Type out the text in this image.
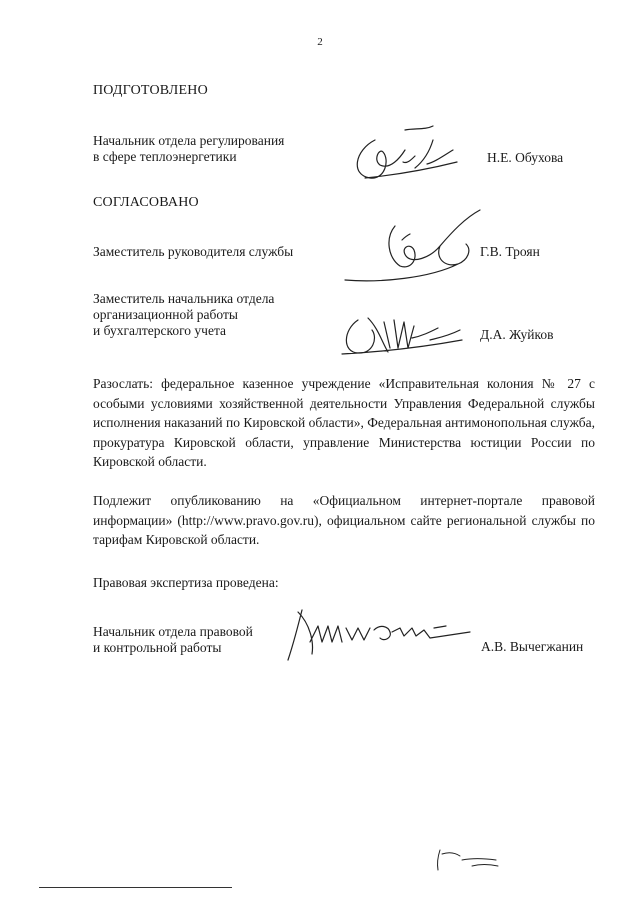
2
ПОДГОТОВЛЕНО
Начальник отдела регулирования
в сфере теплоэнергетики	Н.Е. Обухова
СОГЛАСОВАНО
Заместитель руководителя службы	Г.В. Троян
Заместитель начальника отдела
организационной работы
и бухгалтерского учета	Д.А. Жуйков
Разослать: федеральное казенное учреждение «Исправительная колония № 27 с особыми условиями хозяйственной деятельности Управления Федеральной службы исполнения наказаний по Кировской области», Федеральная антимонопольная служба, прокуратура Кировской области, управление Министерства юстиции России по Кировской области.
Подлежит опубликованию на «Официальном интернет-портале правовой информации» (http://www.pravo.gov.ru), официальном сайте региональной службы по тарифам Кировской области.
Правовая экспертиза проведена:
Начальник отдела правовой
и контрольной работы	А.В. Вычегжанин
